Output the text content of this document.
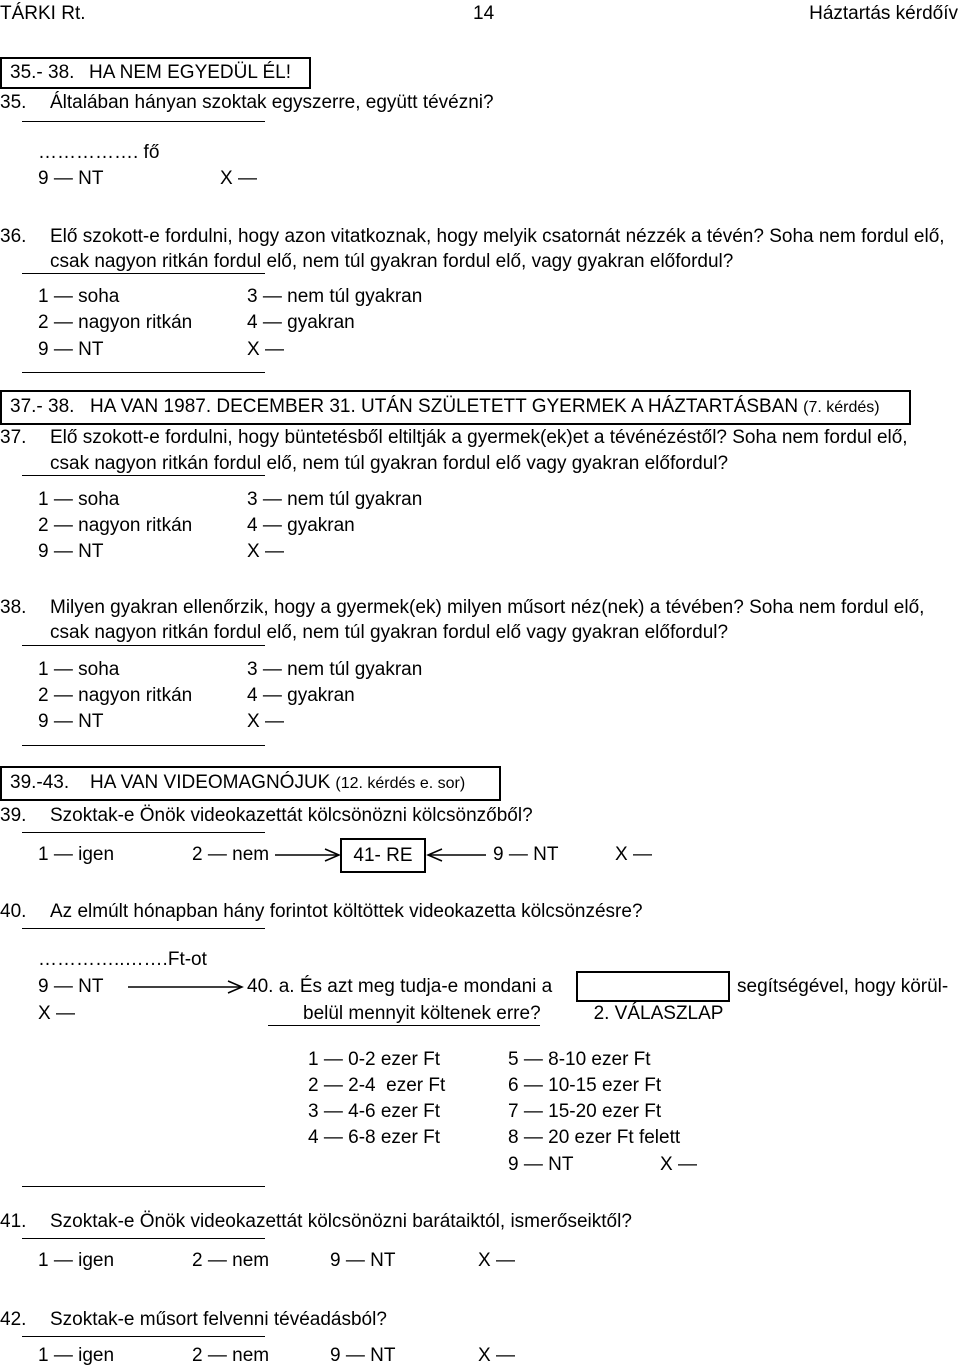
TÁRKI Rt.	14	Háztartás kérdőív
35.- 38. HA NEM EGYEDÜL ÉL!
35. Általában hányan szoktak egyszerre, együtt tévézni?
……………. fő
9 — NT	X —
36. Elő szokott-e fordulni, hogy azon vitatkoznak, hogy melyik csatornát nézzék a tévén? Soha nem fordul elő,
csak nagyon ritkán fordul elő, nem túl gyakran fordul elő, vagy gyakran előfordul?
1 — soha	3 — nem túl gyakran
2 — nagyon ritkán	4 — gyakran
9 — NT	X —
37.- 38. HA VAN 1987. DECEMBER 31. UTÁN SZÜLETETT GYERMEK A HÁZTARTÁSBAN (7. kérdés)
37. Elő szokott-e fordulni, hogy büntetésből eltiltják a gyermek(ek)et a tévénézéstől? Soha nem fordul elő,
csak nagyon ritkán fordul elő, nem túl gyakran fordul elő vagy gyakran előfordul?
1 — soha	3 — nem túl gyakran
2 — nagyon ritkán	4 — gyakran
9 — NT	X —
38. Milyen gyakran ellenőrzik, hogy a gyermek(ek) milyen műsort néz(nek) a tévében? Soha nem fordul elő,
csak nagyon ritkán fordul elő, nem túl gyakran fordul elő vagy gyakran előfordul?
1 — soha	3 — nem túl gyakran
2 — nagyon ritkán	4 — gyakran
9 — NT	X —
39.-43. HA VAN VIDEOMAGNÓJUK (12. kérdés e. sor)
39. Szoktak-e Önök videokazettát kölcsönözni kölcsönzőből?
1 — igen	2 — nem	41- RE	9 — NT	X —
40. Az elmúlt hónapban hány forintot költöttek videokazetta kölcsönzésre?
…………..…….Ft-ot
9 — NT	40. a. És azt meg tudja-e mondani a

2. VÁLASZLAP

segítségével, hogy körül-
X —	belül mennyit költenek erre?
1 — 0-2 ezer Ft	5 — 8-10 ezer Ft
2 — 2-4  ezer Ft	6 — 10-15 ezer Ft
3 — 4-6 ezer Ft	7 — 15-20 ezer Ft
4 — 6-8 ezer Ft	8 — 20 ezer Ft felett
9 — NT	X —
41. Szoktak-e Önök videokazettát kölcsönözni barátaiktól, ismerőseiktől?
1 — igen	2 — nem	9 — NT	X —
42. Szoktak-e műsort felvenni tévéadásból?
1 — igen	2 — nem	9 — NT	X —
